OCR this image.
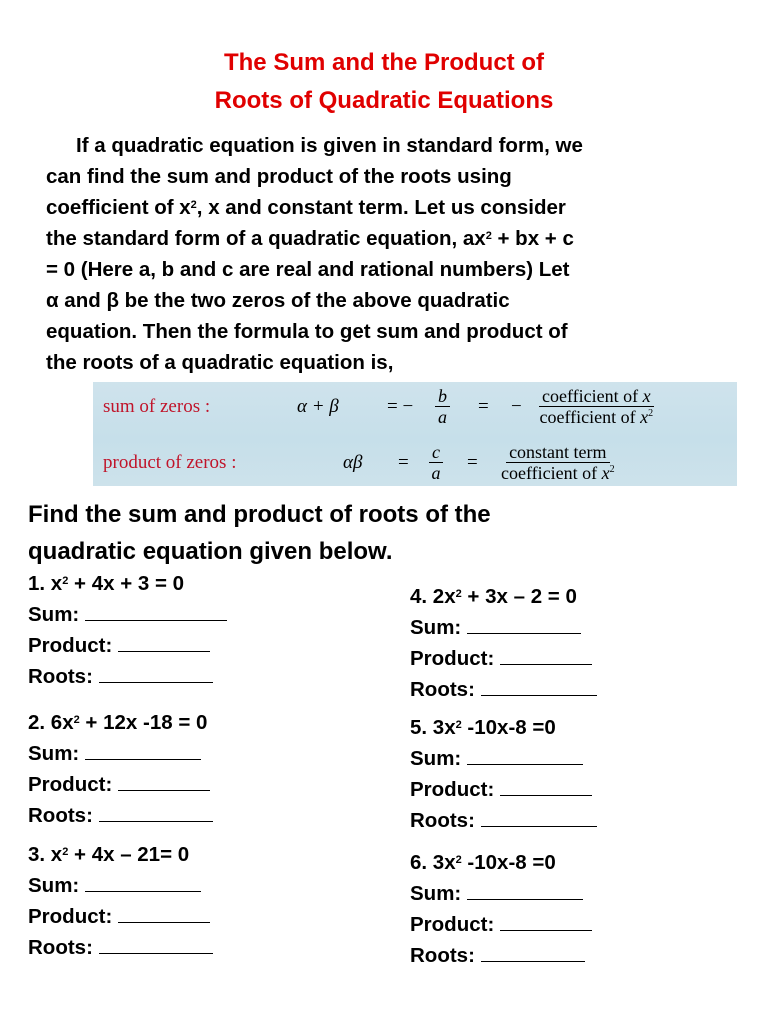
The Sum and the Product of
Roots of Quadratic Equations
If a quadratic equation is given in standard form, we
can find the sum and product of the roots using
coefficient of $x^2$, x and constant term. Let us consider
the standard form of a quadratic equation, $ax^2$ + bx + c
= 0 (Here a, b and c are real and rational numbers) Let
α and β be the two zeros of the above quadratic
equation. Then the formula to get sum and product of
the roots of a quadratic equation is,
sum of zeros :	α + β	= − $\frac{b}{a}$ = − coefficient of x
coefficient of $x^2$
product of zeros :	$\alpha\beta = \frac{c}{a}$ = constant term
coefficient of $x^2$
Find the sum and product of roots of the
quadratic equation given below.
1. $x^2 + 4x + 3 = 0$
Sum:
Product:
Roots:
2. $6x^2 + 12x$ -18 = 0
Sum:
Product:
Roots:
3. $x^2 + 4x - 21= 0$
Sum:
Product:
Roots:
4. $2x^2 + 3x - 2 = 0$
Sum:
Product:
Roots:
5. $3x^2$ -10x-8 =0
Sum:
Product:
Roots:
6. $3x^2$ -10x-8 =0
Sum:
Product:
Roots:
